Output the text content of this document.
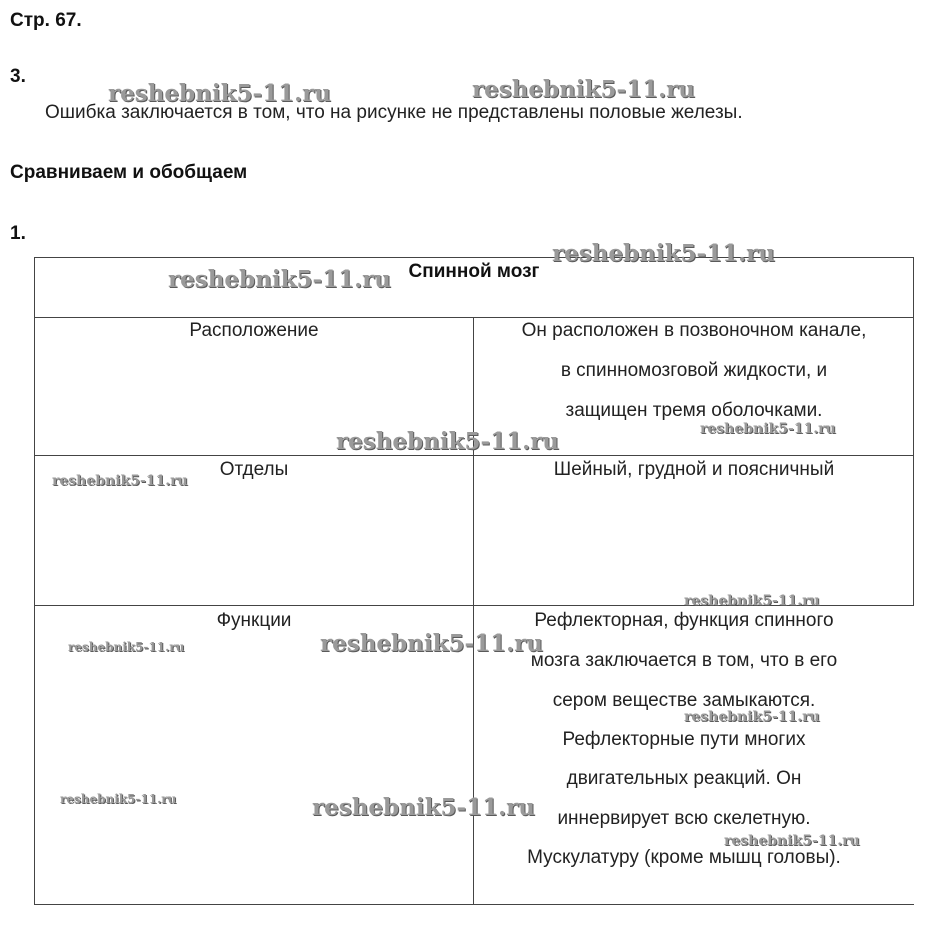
Стр. 67.
3.
Ошибка заключается в том, что на рисунке не представлены половые железы.
Сравниваем и обобщаем
1.
Спинной мозг
Расположение	Он расположен в позвоночном канале,
в спинномозговой жидкости, и
защищен тремя оболочками.
Отделы	Шейный, грудной и поясничный
Функции	Рефлекторная, функция спинного
мозга заключается в том, что в его
сером веществе замыкаются.
Рефлекторные пути многих
двигательных реакций. Он
иннервирует всю скелетную.
Мускулатуру (кроме мышц головы).
reshebnik5-11.ru	reshebnik5-11.ru
reshebnik5-11.ru
reshebnik5-11.ru
reshebnik5-11.ru	reshebnik5-11.ru
reshebnik5-11.ru
reshebnik5-11.ru
reshebnik5-11.ru
reshebnik5-11.ru
reshebnik5-11.ru
reshebnik5-11.ru	reshebnik5-11.ru
reshebnik5-11.ru
